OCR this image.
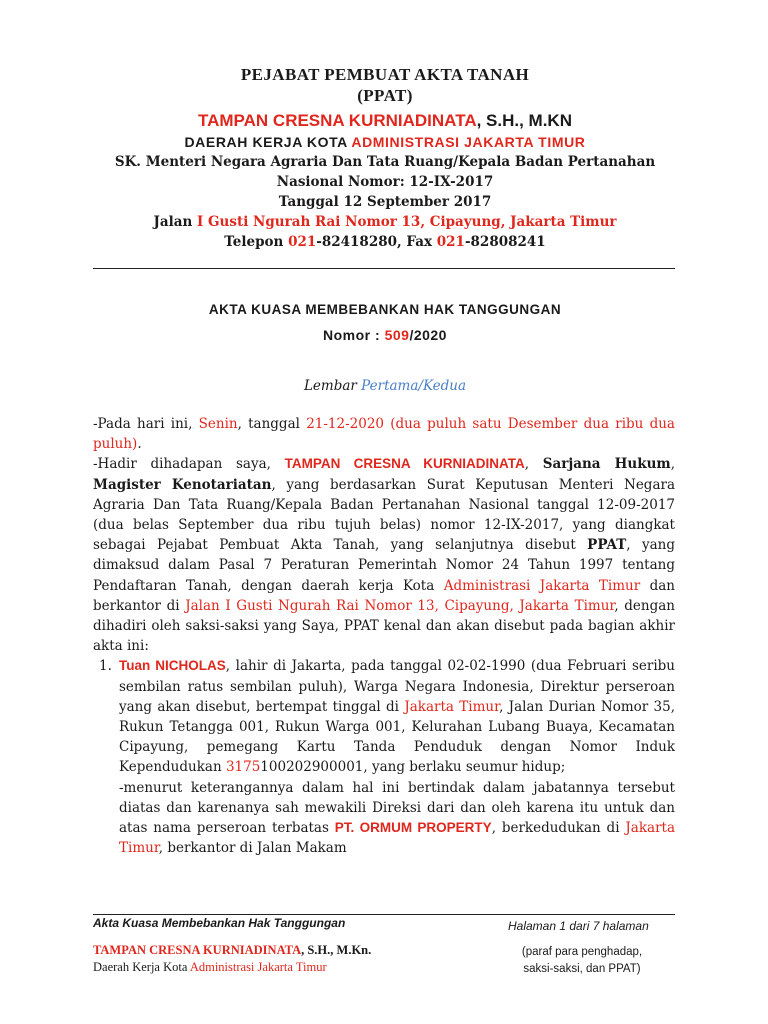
PEJABAT PEMBUAT AKTA TANAH
(PPAT)
TAMPAN CRESNA KURNIADINATA, S.H., M.KN
DAERAH KERJA KOTA ADMINISTRASI JAKARTA TIMUR
SK. Menteri Negara Agraria Dan Tata Ruang/Kepala Badan Pertanahan
Nasional Nomor: 12-IX-2017
Tanggal 12 September 2017
Jalan I Gusti Ngurah Rai Nomor 13, Cipayung, Jakarta Timur
Telepon 021-82418280, Fax 021-82808241
AKTA KUASA MEMBEBANKAN HAK TANGGUNGAN
Nomor : 509/2020
Lembar Pertama/Kedua
-Pada hari ini, Senin, tanggal 21-12-2020 (dua puluh satu Desember dua ribu dua puluh).
-Hadir dihadapan saya, TAMPAN CRESNA KURNIADINATA, Sarjana Hukum, Magister Kenotariatan, yang berdasarkan Surat Keputusan Menteri Negara Agraria Dan Tata Ruang/Kepala Badan Pertanahan Nasional tanggal 12-09-2017 (dua belas September dua ribu tujuh belas) nomor 12-IX-2017, yang diangkat sebagai Pejabat Pembuat Akta Tanah, yang selanjutnya disebut PPAT, yang dimaksud dalam Pasal 7 Peraturan Pemerintah Nomor 24 Tahun 1997 tentang Pendaftaran Tanah, dengan daerah kerja Kota Administrasi Jakarta Timur dan berkantor di Jalan I Gusti Ngurah Rai Nomor 13, Cipayung, Jakarta Timur, dengan dihadiri oleh saksi-saksi yang Saya, PPAT kenal dan akan disebut pada bagian akhir akta ini:
1. Tuan NICHOLAS, lahir di Jakarta, pada tanggal 02-02-1990 (dua Februari seribu sembilan ratus sembilan puluh), Warga Negara Indonesia, Direktur perseroan yang akan disebut, bertempat tinggal di Jakarta Timur, Jalan Durian Nomor 35, Rukun Tetangga 001, Rukun Warga 001, Kelurahan Lubang Buaya, Kecamatan Cipayung, pemegang Kartu Tanda Penduduk dengan Nomor Induk Kependudukan 3175100202900001, yang berlaku seumur hidup;
-menurut keterangannya dalam hal ini bertindak dalam jabatannya tersebut diatas dan karenanya sah mewakili Direksi dari dan oleh karena itu untuk dan atas nama perseroan terbatas PT. ORMUM PROPERTY, berkedudukan di Jakarta Timur, berkantor di Jalan Makam
Akta Kuasa Membebankan Hak Tanggungan	Halaman 1 dari 7 halaman
TAMPAN CRESNA KURNIADINATA, S.H., M.Kn.
Daerah Kerja Kota Administrasi Jakarta Timur
(paraf para penghadap,
saksi-saksi, dan PPAT)
